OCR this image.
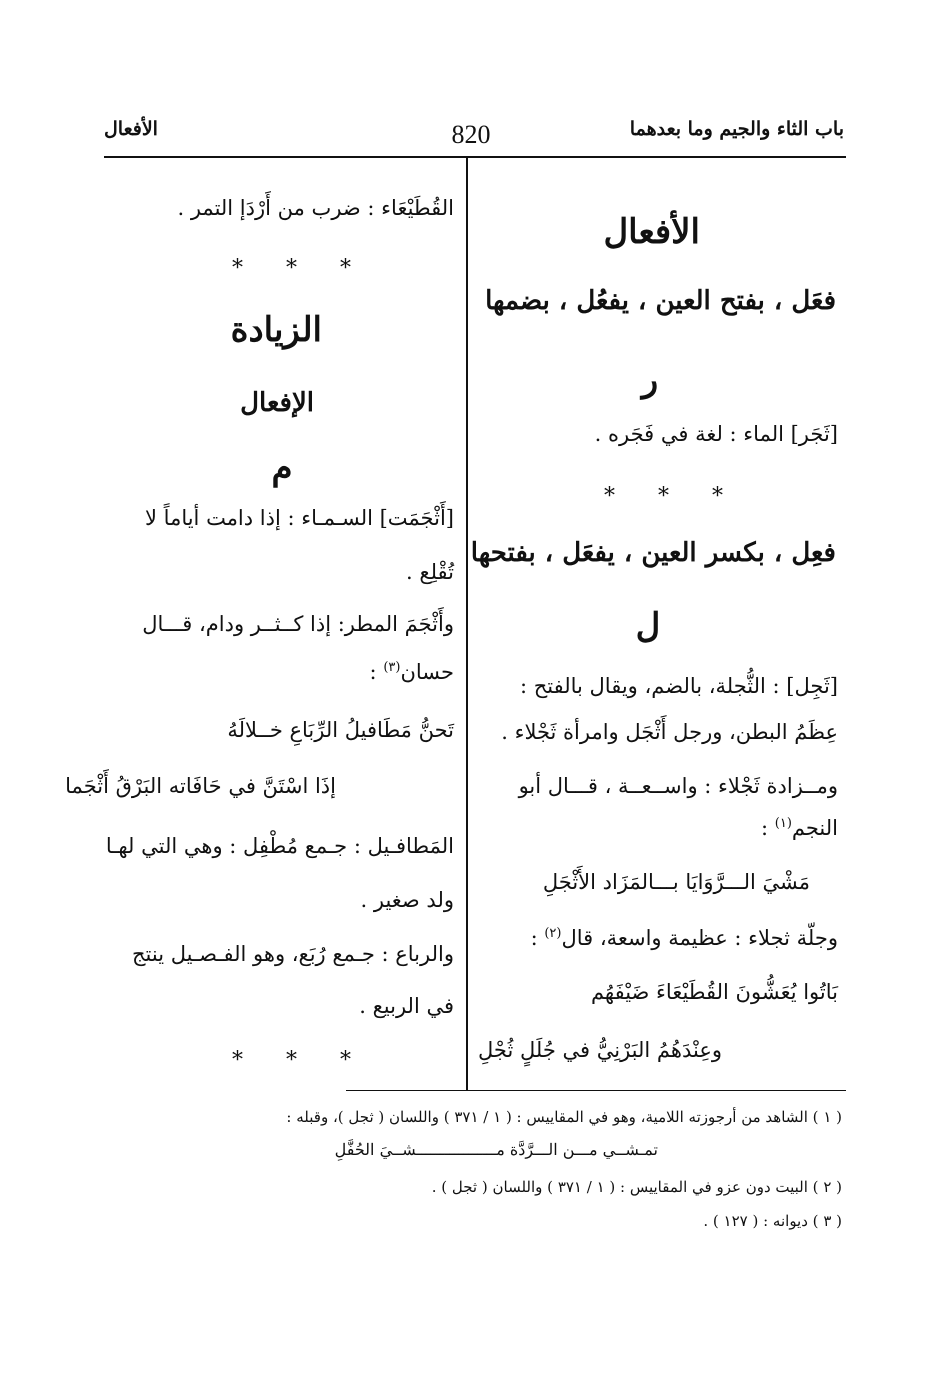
باب الثاء والجيم وما بعدهما
820
الأفعال
الأفعال
فعَل ، بفتح العين ، يفعُل ، بضمها
ر
[ثَجَر] الماء : لغة في فَجَره .
* * *
فعِل ، بكسر العين ، يفعَل ، بفتحها
ل
[ثَجِل] : الثُّجلة، بالضم، ويقال بالفتح :
عِظَمُ البطن، ورجل أَثْجَل وامرأة ثَجْلاء .
ومــزادة ثَجْلاء : واســعــة ، قـــال أبو
النجم$^{(١)}$ :
مَشْيَ الـــرَّوَايَا بـــالمَزَاد الأَثْجَلِ
وجلّة ثجلاء : عظيمة واسعة، قال$^{(٢)}$ :
بَاتُوا يُعَشُّونَ القُطَيْعَاءَ ضَيْفَهُم
وعِنْدَهُمُ البَرْنِيُّ في جُلَلٍ ثُجْلِ
القُطَيْعَاء : ضرب من أَرْدَإ التمر .
* * *
الزيادة
الإفعال
م
[أَثْجَمَت] السـمـاء : إذا دامت أياماً لا
تُقْلِع .
وأَثْجَمَ المطر: إذا كــثــر ودام، قـــال
حسان$^{(٣)}$ :
تَحنُّ مَطَافيلُ الرِّبَاعِ خــلالَهُ
إذَا اسْتَنَّ في حَافَاته البَرْقُ أَثْجَما
المَطافـيل : جـمع مُطْفِل : وهي التي لهـا
ولد صغير .
والرباع : جـمع رُبَع، وهو الفـصـيل ينتج
في الربيع .
* * *
( ١ ) الشاهد من أرجوزته اللامية، وهو في المقاييس : ( ١ / ٣٧١ ) واللسان ( ثجل )، وقبله :
تمـشــي مـــن الـــرَّدَّة مـــــــــــــــــشــيَ الحُفَّلِ
( ٢ ) البيت دون عزو في المقاييس : ( ١ / ٣٧١ ) واللسان ( ثجل ) .
( ٣ ) ديوانه : ( ١٢٧ ) .
